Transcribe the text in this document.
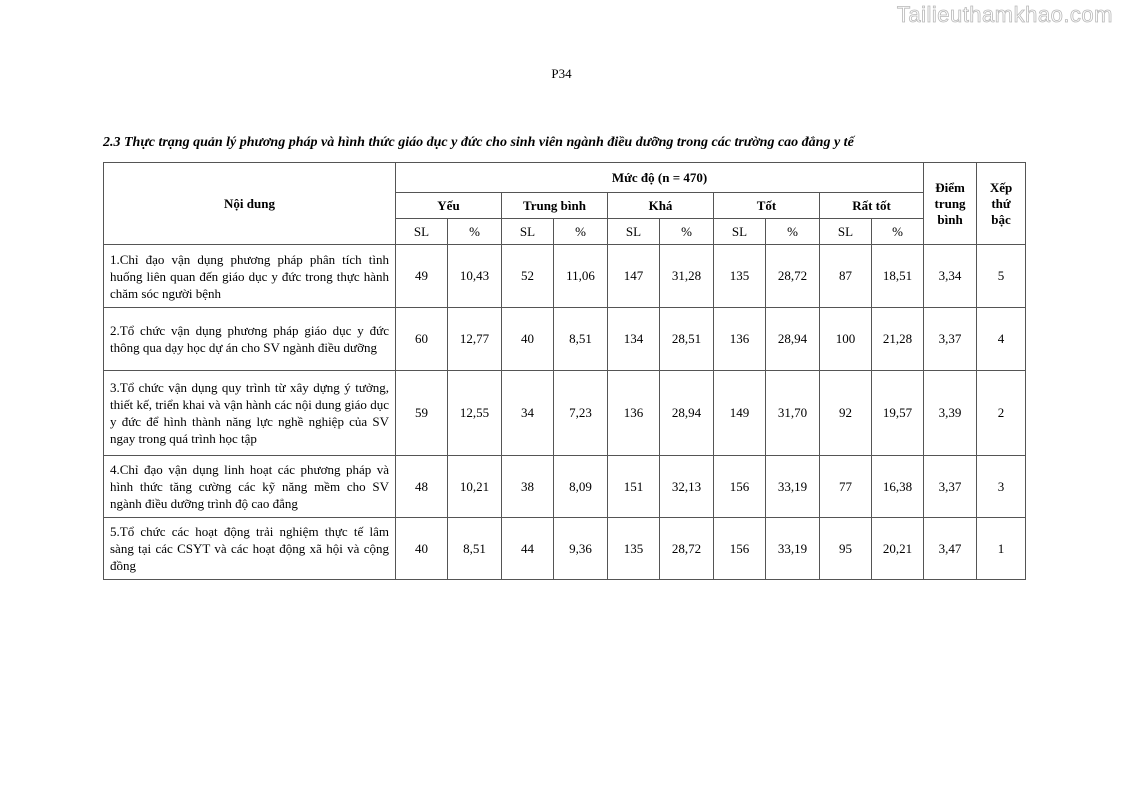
Tailieuthamkhao.com
P34
2.3 Thực trạng quản lý phương pháp và hình thức giáo dục y đức cho sinh viên ngành điều dưỡng trong các trường cao đẳng y tế
Nội dung	Mức độ (n = 470)										Điểm trung bình	Xếp thứ bậc
	Yếu		Trung bình		Khá		Tốt		Rất tốt			
	SL	%	SL	%	SL	%	SL	%	SL	%		
1.Chỉ đạo vận dụng phương pháp phân tích tình huống liên quan đến giáo dục y đức trong thực hành chăm sóc người bệnh	49	10,43	52	11,06	147	31,28	135	28,72	87	18,51	3,34	5
2.Tổ chức vận dụng phương pháp giáo dục y đức thông qua dạy học dự án cho SV ngành điều dưỡng	60	12,77	40	8,51	134	28,51	136	28,94	100	21,28	3,37	4
3.Tổ chức vận dụng quy trình từ xây dựng ý tưởng, thiết kế, triển khai và vận hành các nội dung giáo dục y đức để hình thành năng lực nghề nghiệp của SV ngay trong quá trình học tập	59	12,55	34	7,23	136	28,94	149	31,70	92	19,57	3,39	2
4.Chỉ đạo vận dụng linh hoạt các phương pháp và hình thức tăng cường các kỹ năng mềm cho SV ngành điều dưỡng trình độ cao đẳng	48	10,21	38	8,09	151	32,13	156	33,19	77	16,38	3,37	3
5.Tổ chức các hoạt động trải nghiệm thực tế lâm sàng tại các CSYT và các hoạt động xã hội và cộng đồng	40	8,51	44	9,36	135	28,72	156	33,19	95	20,21	3,47	1
